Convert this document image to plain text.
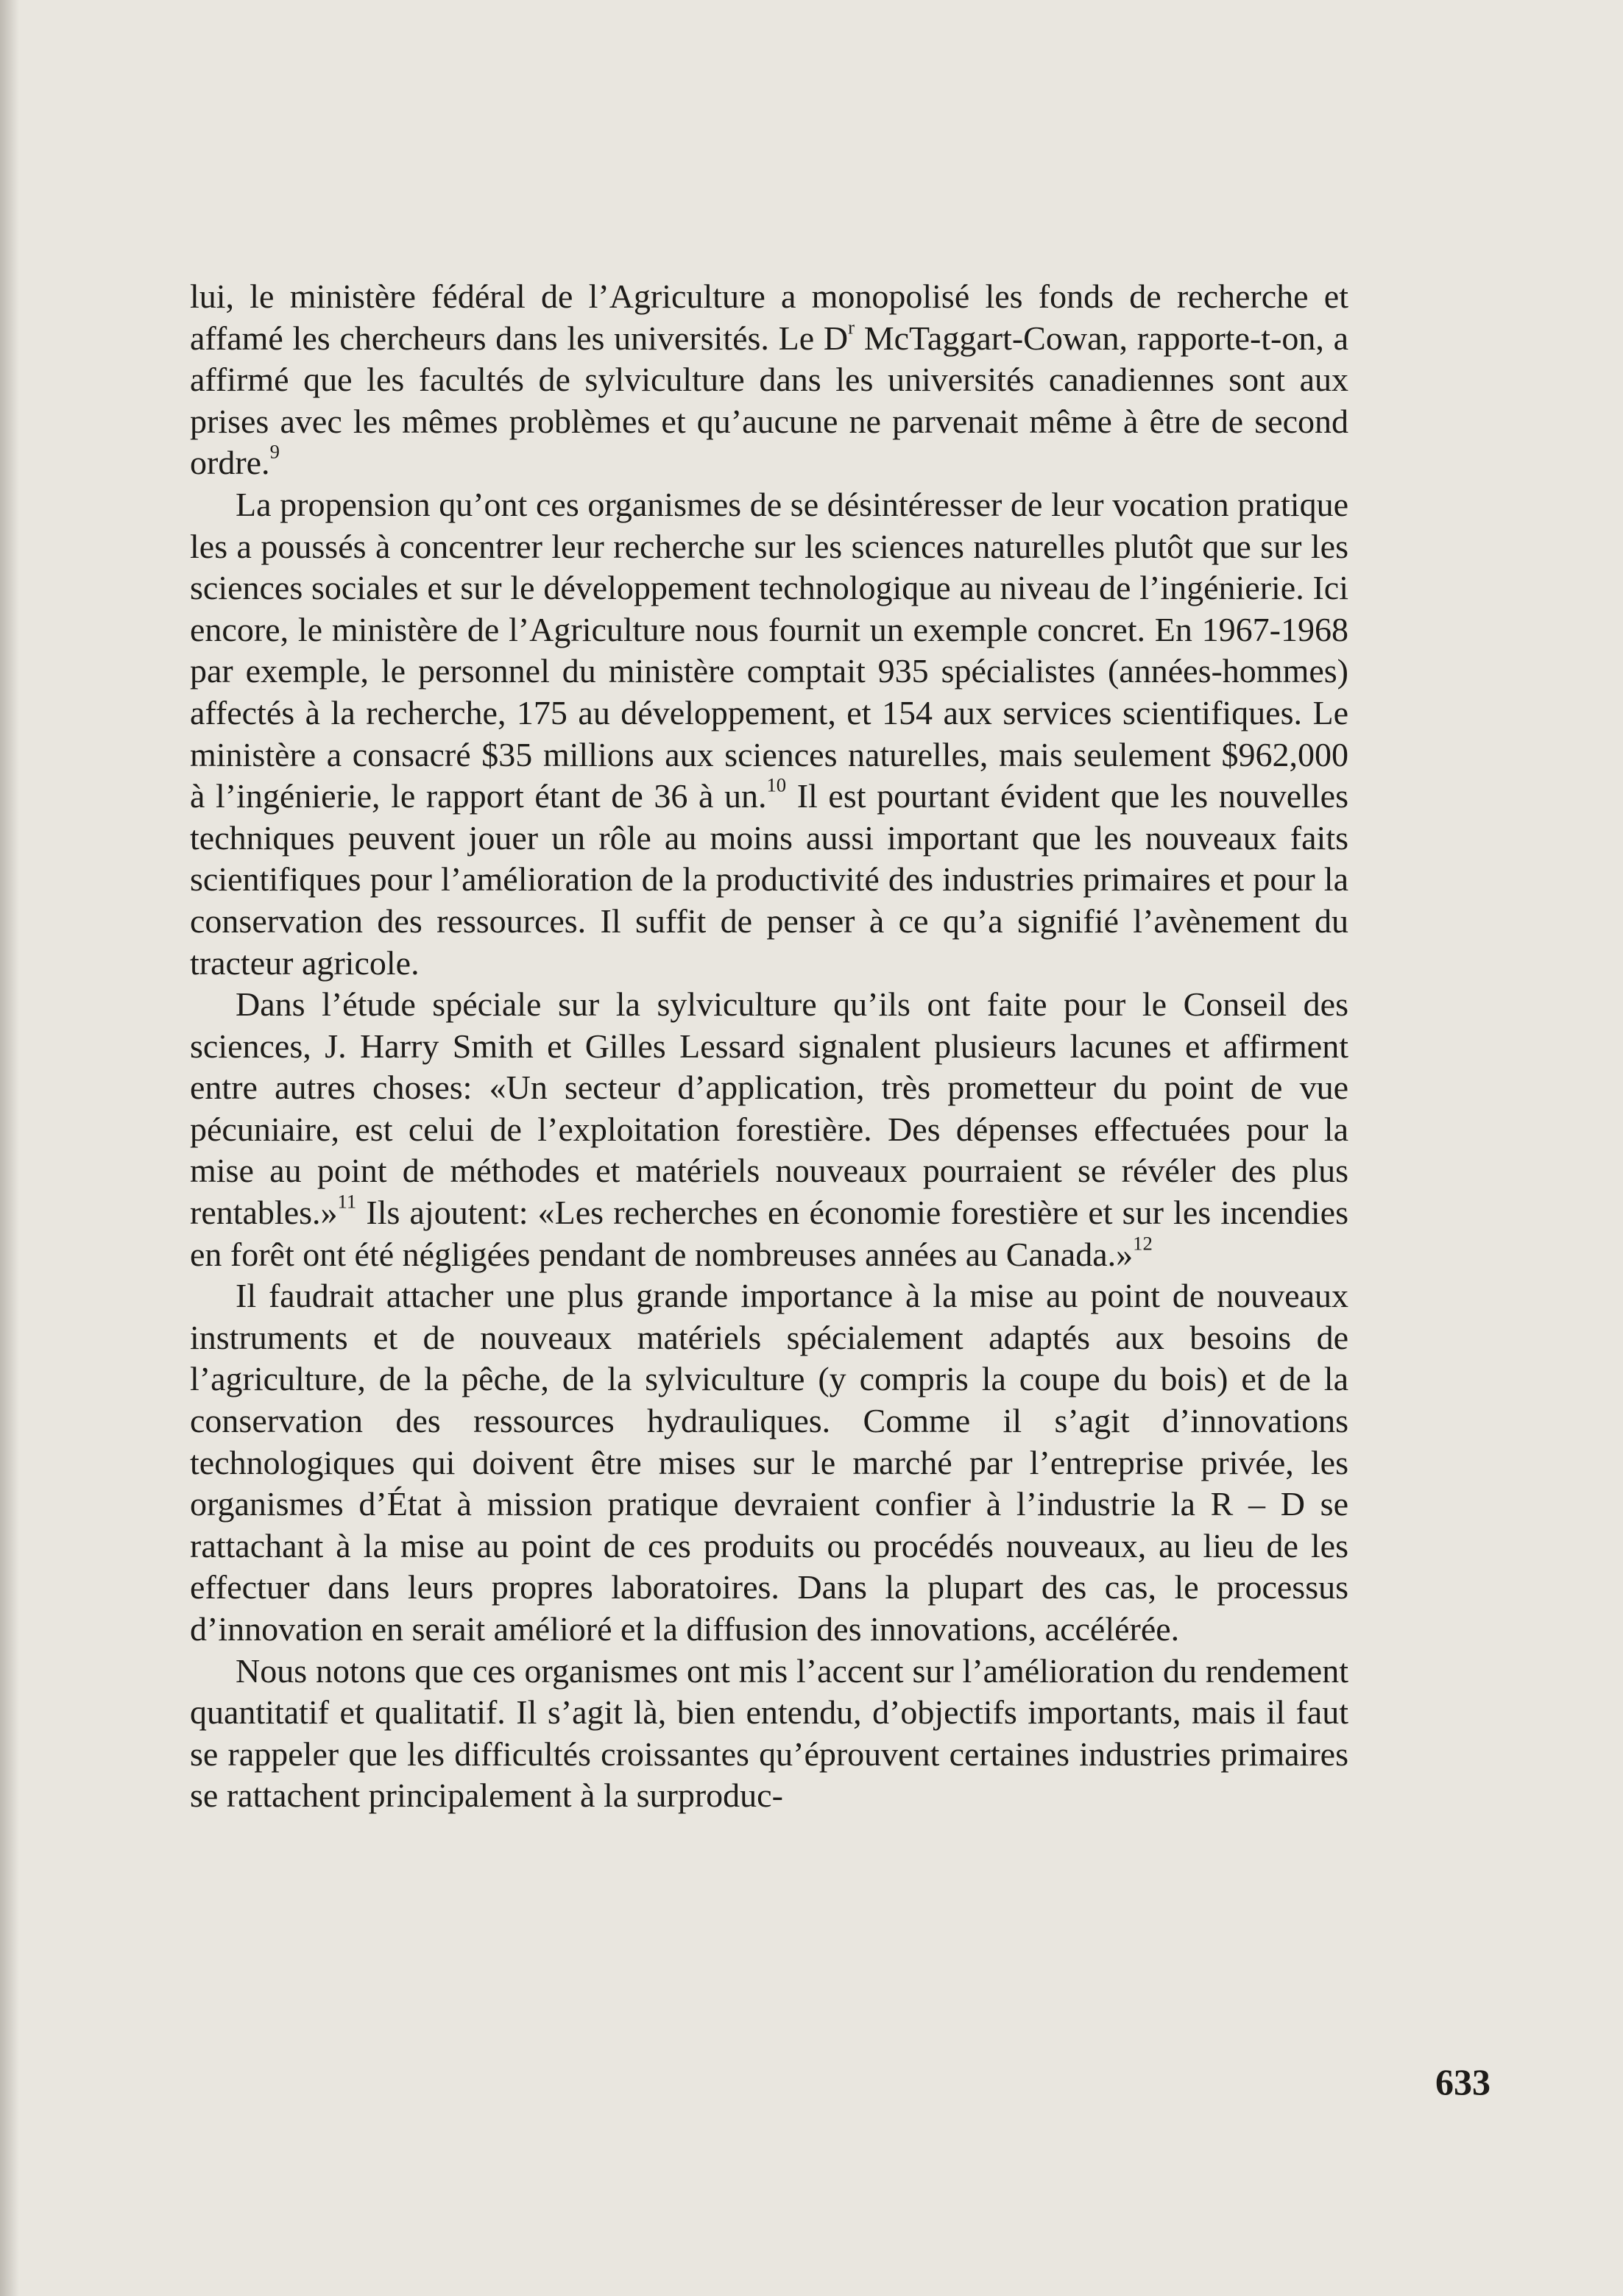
lui, le ministère fédéral de l’Agriculture a monopolisé les fonds de recherche et affamé les chercheurs dans les universités. Le $D^r$ McTaggart-Cowan, rapporte-t-on, a affirmé que les facultés de sylviculture dans les universités canadiennes sont aux prises avec les mêmes problèmes et qu’aucune ne parvenait même à être de second ordre.$^9$

La propension qu’ont ces organismes de se désintéresser de leur vocation pratique les a poussés à concentrer leur recherche sur les sciences naturelles plutôt que sur les sciences sociales et sur le développement technologique au niveau de l’ingénierie. Ici encore, le ministère de l’Agriculture nous fournit un exemple concret. En 1967-1968 par exemple, le personnel du ministère comptait 935 spécialistes (années-hommes) affectés à la recherche, 175 au développement, et 154 aux services scientifiques. Le ministère a consacré $35 millions aux sciences naturelles, mais seulement $962,000 à l’ingénierie, le rapport étant de 36 à un.$^{10}$ Il est pourtant évident que les nouvelles techniques peuvent jouer un rôle au moins aussi important que les nouveaux faits scientifiques pour l’amélioration de la productivité des industries primaires et pour la conservation des ressources. Il suffit de penser à ce qu’a signifié l’avènement du tracteur agricole.

Dans l’étude spéciale sur la sylviculture qu’ils ont faite pour le Conseil des sciences, J. Harry Smith et Gilles Lessard signalent plusieurs lacunes et affirment entre autres choses: «Un secteur d’application, très prometteur du point de vue pécuniaire, est celui de l’exploitation forestière. Des dépenses effectuées pour la mise au point de méthodes et matériels nouveaux pourraient se révéler des plus rentables.»$^{11}$ Ils ajoutent: «Les recherches en économie forestière et sur les incendies en forêt ont été négligées pendant de nombreuses années au Canada.»$^{12}$

Il faudrait attacher une plus grande importance à la mise au point de nouveaux instruments et de nouveaux matériels spécialement adaptés aux besoins de l’agriculture, de la pêche, de la sylviculture (y compris la coupe du bois) et de la conservation des ressources hydrauliques. Comme il s’agit d’innovations technologiques qui doivent être mises sur le marché par l’entreprise privée, les organismes d’État à mission pratique devraient confier à l’industrie la R – D se rattachant à la mise au point de ces produits ou procédés nouveaux, au lieu de les effectuer dans leurs propres laboratoires. Dans la plupart des cas, le processus d’innovation en serait amélioré et la diffusion des innovations, accélérée.

Nous notons que ces organismes ont mis l’accent sur l’amélioration du rendement quantitatif et qualitatif. Il s’agit là, bien entendu, d’objectifs importants, mais il faut se rappeler que les difficultés croissantes qu’éprouvent certaines industries primaires se rattachent principalement à la surproduc-

633
